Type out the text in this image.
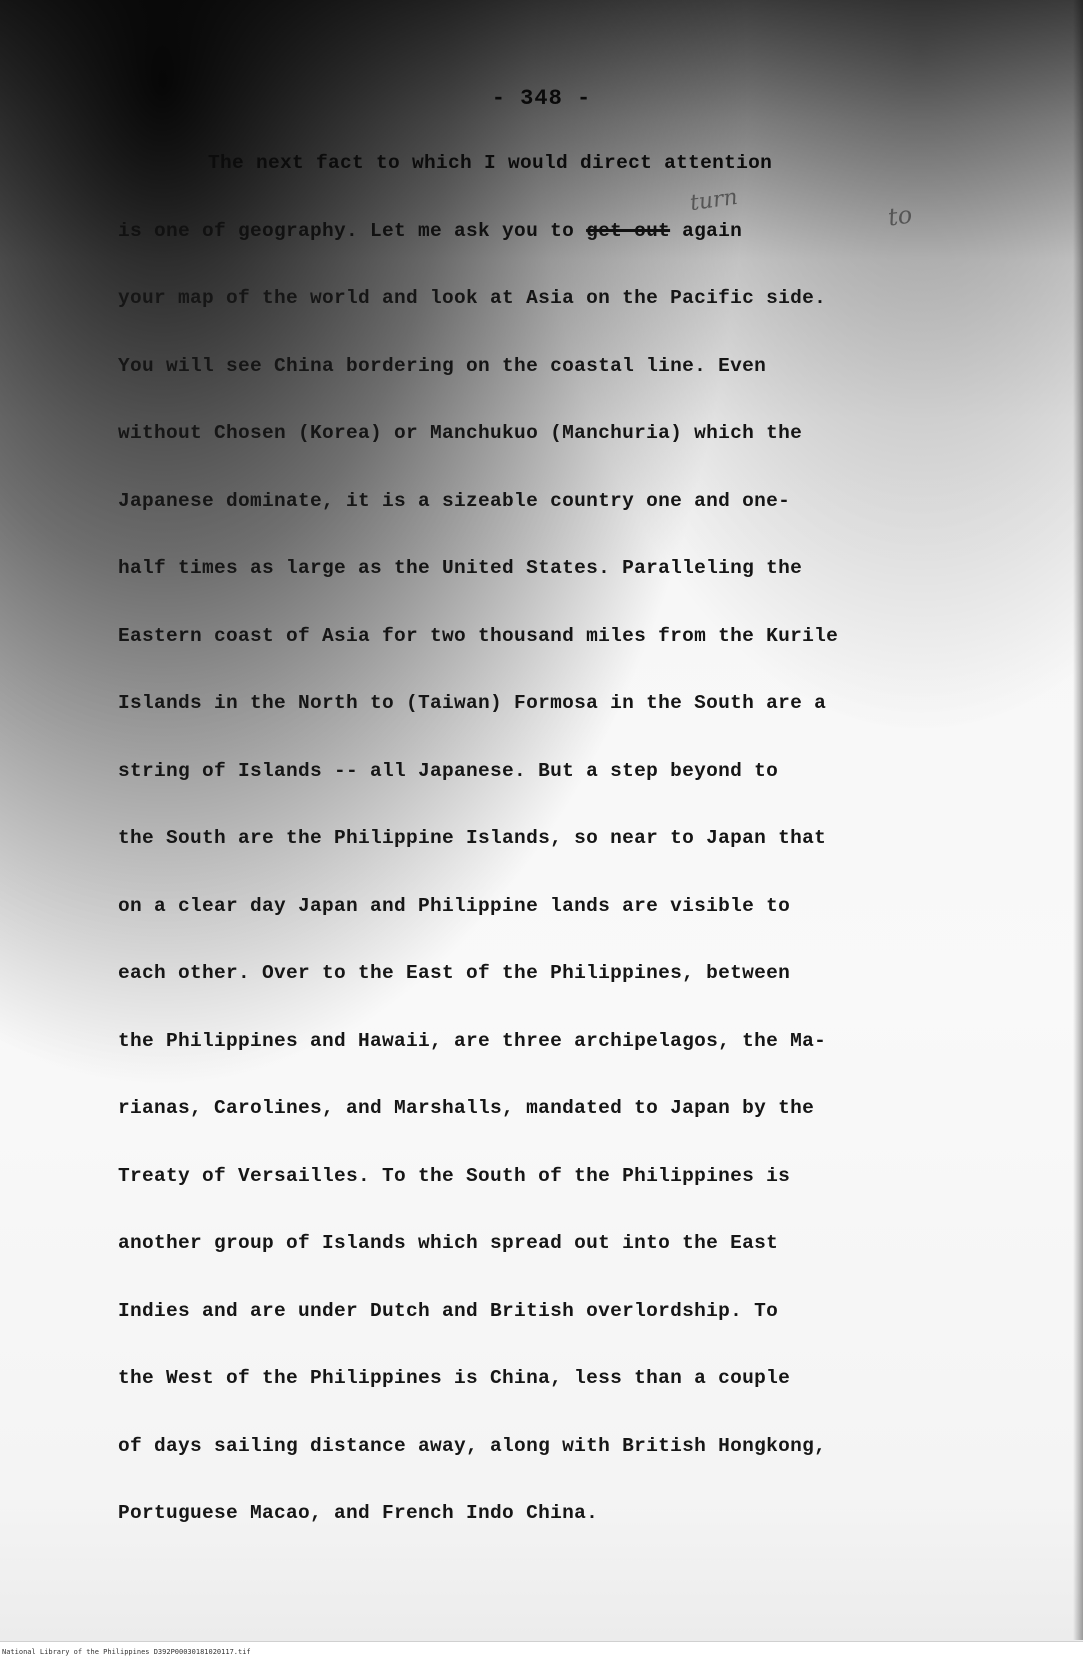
- 348 -
turn	to
The next fact to which I would direct attention
is one of geography. Let me ask you to get out again
your map of the world and look at Asia on the Pacific side.
You will see China bordering on the coastal line. Even
without Chosen (Korea) or Manchukuo (Manchuria) which the
Japanese dominate, it is a sizeable country one and one-
half times as large as the United States. Paralleling the
Eastern coast of Asia for two thousand miles from the Kurile
Islands in the North to (Taiwan) Formosa in the South are a
string of Islands -- all Japanese. But a step beyond to
the South are the Philippine Islands, so near to Japan that
on a clear day Japan and Philippine lands are visible to
each other. Over to the East of the Philippines, between
the Philippines and Hawaii, are three archipelagos, the Ma-
rianas, Carolines, and Marshalls, mandated to Japan by the
Treaty of Versailles. To the South of the Philippines is
another group of Islands which spread out into the East
Indies and are under Dutch and British overlordship. To
the West of the Philippines is China, less than a couple
of days sailing distance away, along with British Hongkong,
Portuguese Macao, and French Indo China.
National Library of the Philippines D392P00030181020117.tif
